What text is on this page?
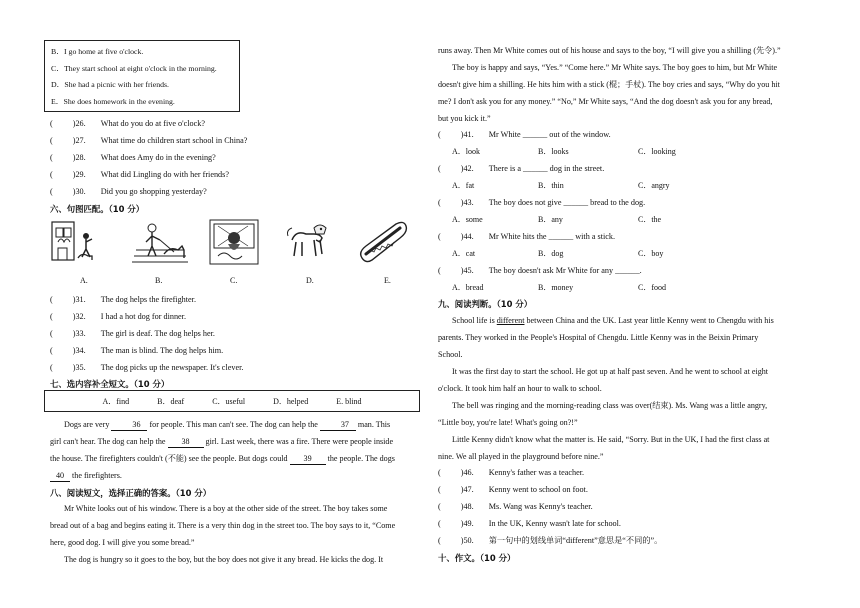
B．I go home at five o'clock.
C．They start school at eight o'clock in the morning.
D．She had a picnic with her friends.
E．She does homework in the evening.
( )26. What do you do at five o'clock?
( )27. What time do children start school in China?
( )28. What does Amy do in the evening?
( )29. What did Lingling do with her friends?
( )30. Did you go shopping yesterday?
六、句图匹配。（10 分）
A.	B.	C.	D.	E.
( )31. The dog helps the firefighter.
( )32. I had a hot dog for dinner.
( )33. The girl is deaf. The dog helps her.
( )34. The man is blind. The dog helps him.
( )35. The dog picks up the newspaper. It's clever.
七、选内容补全短文。（10 分）
A．find	B．deaf	C．useful	D．helped	E. blind
Dogs are very	36 for people. This man can't see. The dog can help the	37 man. This
girl can't hear. The dog can help the 38 girl. Last week, there was a fire. There were people inside
the house. The firefighters couldn't (不能) see the people. But dogs could 39 the people. The dogs
40 the firefighters.
八、阅读短文，选择正确的答案。（10 分）
Mr White looks out of his window. There is a boy at the other side of the street. The boy takes some
bread out of a bag and begins eating it. There is a very thin dog in the street too. The boy says to it, “Come
here, good dog. I will give you some bread.”
The dog is hungry so it goes to the boy, but the boy does not give it any bread. He kicks the dog. It
runs away. Then Mr White comes out of his house and says to the boy, “I will give you a shilling (先令).”
The boy is happy and says, “Yes.” “Come here.” Mr White says. The boy goes to him, but Mr White
doesn't give him a shilling. He hits him with a stick (棍；手杖). The boy cries and says, “Why do you hit
me? I don't ask you for any money.” “No,” Mr White says, “And the dog doesn't ask you for any bread,
but you kick it.”
( )41. Mr White ______ out of the window.
A．look	B．looks	C．looking
( )42. There is a ______ dog in the street.
A．fat	B．thin	C．angry
( )43. The boy does not give ______ bread to the dog.
A．some	B．any	C．the
( )44. Mr White hits the ______ with a stick.
A．cat	B．dog	C．boy
( )45. The boy doesn't ask Mr White for any ______.
A．bread	B．money	C．food
九、阅读判断。（10 分）
School life is different between China and the UK. Last year little Kenny went to Chengdu with his
parents. They worked in the People's Hospital of Chengdu. Little Kenny was in the Beixin Primary
School.
It was the first day to start the school. He got up at half past seven. And he went to school at eight
o'clock. It took him half an hour to walk to school.
The bell was ringing and the morning-reading class was over(结束). Ms. Wang was a little angry,
“Little boy, you're late! What's going on?!”
Little Kenny didn't know what the matter is. He said, “Sorry. But in the UK, I had the first class at
nine. We all played in the playground before nine.”
( )46. Kenny's father was a teacher.
( )47. Kenny went to school on foot.
( )48. Ms. Wang was Kenny's teacher.
( )49. In the UK, Kenny wasn't late for school.
( )50. 第一句中的划线单词“different”意思是“不同的”。
十、作文。（10 分）
